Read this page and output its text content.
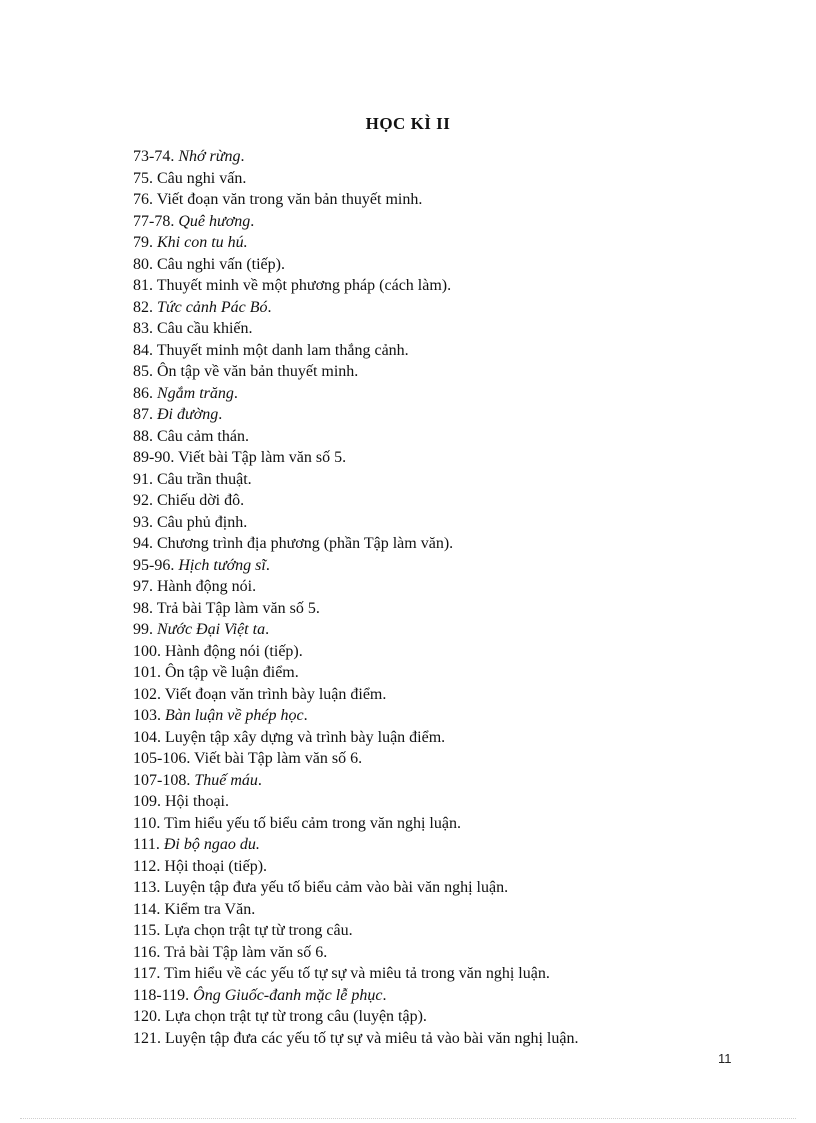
HỌC KÌ II
73-74. Nhớ rừng.
75. Câu nghi vấn.
76. Viết đoạn văn trong văn bản thuyết minh.
77-78. Quê hương.
79. Khi con tu hú.
80. Câu nghi vấn (tiếp).
81. Thuyết minh về một phương pháp (cách làm).
82. Tức cảnh Pác Bó.
83. Câu cầu khiến.
84. Thuyết minh một danh lam thắng cảnh.
85. Ôn tập về văn bản thuyết minh.
86. Ngắm trăng.
87. Đi đường.
88. Câu cảm thán.
89-90. Viết bài Tập làm văn số 5.
91. Câu trần thuật.
92. Chiếu dời đô.
93. Câu phủ định.
94. Chương trình địa phương (phần Tập làm văn).
95-96. Hịch tướng sĩ.
97. Hành động nói.
98. Trả bài Tập làm văn số 5.
99. Nước Đại Việt ta.
100. Hành động nói (tiếp).
101. Ôn tập về luận điểm.
102. Viết đoạn văn trình bày luận điểm.
103. Bàn luận về phép học.
104. Luyện tập xây dựng và trình bày luận điểm.
105-106. Viết bài Tập làm văn số 6.
107-108. Thuế máu.
109. Hội thoại.
110. Tìm hiểu yếu tố biểu cảm trong văn nghị luận.
111. Đi bộ ngao du.
112. Hội thoại (tiếp).
113. Luyện tập đưa yếu tố biểu cảm vào bài văn nghị luận.
114. Kiểm tra Văn.
115. Lựa chọn trật tự từ trong câu.
116. Trả bài Tập làm văn số 6.
117. Tìm hiểu về các yếu tố tự sự và miêu tả trong văn nghị luận.
118-119. Ông Giuốc-đanh mặc lễ phục.
120. Lựa chọn trật tự từ trong câu (luyện tập).
121. Luyện tập đưa các yếu tố tự sự và miêu tả vào bài văn nghị luận.
11
